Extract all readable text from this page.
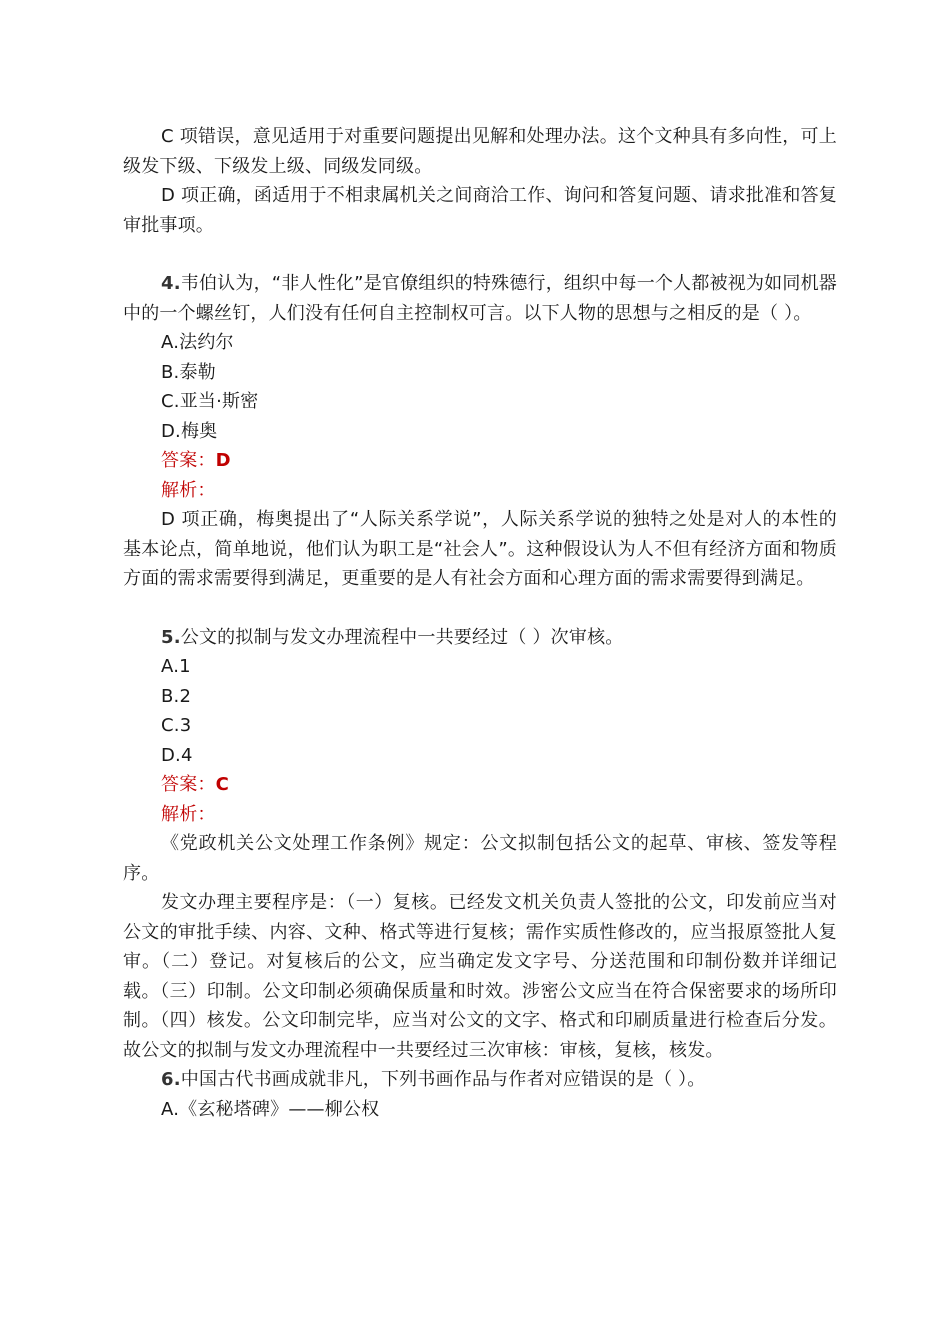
C 项错误，意见适用于对重要问题提出见解和处理办法。这个文种具有多向性，可上级发下级、下级发上级、同级发同级。

D 项正确，函适用于不相隶属机关之间商洽工作、询问和答复问题、请求批准和答复审批事项。

4.韦伯认为，“非人性化”是官僚组织的特殊德行，组织中每一个人都被视为如同机器中的一个螺丝钉，人们没有任何自主控制权可言。以下人物的思想与之相反的是（ ）。

A.法约尔

B.泰勒

C.亚当·斯密

D.梅奥

答案：D

解析：

D 项正确，梅奥提出了“人际关系学说”，人际关系学说的独特之处是对人的本性的基本论点，简单地说，他们认为职工是“社会人”。这种假设认为人不但有经济方面和物质方面的需求需要得到满足，更重要的是人有社会方面和心理方面的需求需要得到满足。

5.公文的拟制与发文办理流程中一共要经过（ ）次审核。

A.1

B.2

C.3

D.4

答案：C

解析：

《党政机关公文处理工作条例》规定：公文拟制包括公文的起草、审核、签发等程序。

发文办理主要程序是：（一）复核。已经发文机关负责人签批的公文，印发前应当对公文的审批手续、内容、文种、格式等进行复核；需作实质性修改的，应当报原签批人复审。（二）登记。对复核后的公文，应当确定发文字号、分送范围和印制份数并详细记载。（三）印制。公文印制必须确保质量和时效。涉密公文应当在符合保密要求的场所印制。（四）核发。公文印制完毕，应当对公文的文字、格式和印刷质量进行检查后分发。故公文的拟制与发文办理流程中一共要经过三次审核：审核，复核，核发。

6.中国古代书画成就非凡，下列书画作品与作者对应错误的是（ ）。

A.《玄秘塔碑》——柳公权
